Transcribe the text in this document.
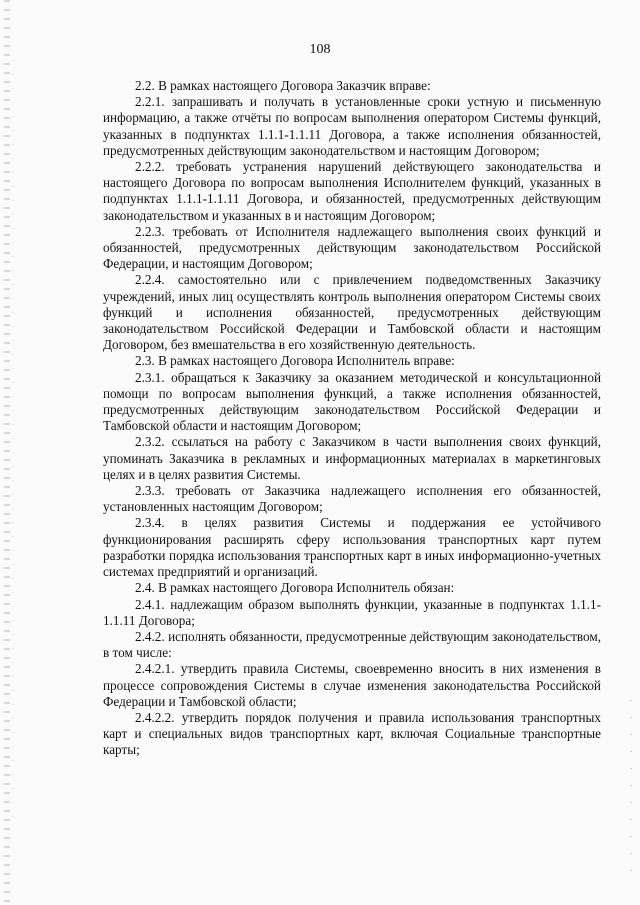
108

2.2. В рамках настоящего Договора Заказчик вправе:

2.2.1. запрашивать и получать в установленные сроки устную и письменную информацию, а также отчёты по вопросам выполнения оператором Системы функций, указанных в подпунктах 1.1.1-1.1.11 Договора, а также исполнения обязанностей, предусмотренных действующим законодательством и настоящим Договором;

2.2.2. требовать устранения нарушений действующего законодательства и настоящего Договора по вопросам выполнения Исполнителем функций, указанных в подпунктах 1.1.1-1.1.11 Договора, и обязанностей, предусмотренных действующим законодательством и указанных в и настоящим Договором;

2.2.3. требовать от Исполнителя надлежащего выполнения своих функций и обязанностей, предусмотренных действующим законодательством Российской Федерации, и настоящим Договором;

2.2.4. самостоятельно или с привлечением подведомственных Заказчику учреждений, иных лиц осуществлять контроль выполнения оператором Системы своих функций и исполнения обязанностей, предусмотренных действующим законодательством Российской Федерации и Тамбовской области и настоящим Договором, без вмешательства в его хозяйственную деятельность.

2.3. В рамках настоящего Договора Исполнитель вправе:

2.3.1. обращаться к Заказчику за оказанием методической и консультационной помощи по вопросам выполнения функций, а также исполнения обязанностей, предусмотренных действующим законодательством Российской Федерации и Тамбовской области и настоящим Договором;

2.3.2. ссылаться на работу с Заказчиком в части выполнения своих функций, упоминать Заказчика в рекламных и информационных материалах в маркетинговых целях и в целях развития Системы.

2.3.3. требовать от Заказчика надлежащего исполнения его обязанностей, установленных настоящим Договором;

2.3.4. в целях развития Системы и поддержания ее устойчивого функционирования расширять сферу использования транспортных карт путем разработки порядка использования транспортных карт в иных информационно-учетных системах предприятий и организаций.

2.4. В рамках настоящего Договора Исполнитель обязан:

2.4.1. надлежащим образом выполнять функции, указанные в подпунктах 1.1.1-1.1.11 Договора;

2.4.2. исполнять обязанности, предусмотренные действующим законодательством, в том числе:

2.4.2.1. утвердить правила Системы, своевременно вносить в них изменения в процессе сопровождения Системы в случае изменения законодательства Российской Федерации и Тамбовской области;

2.4.2.2. утвердить порядок получения и правила использования транспортных карт и специальных видов транспортных карт, включая Социальные транспортные карты;
